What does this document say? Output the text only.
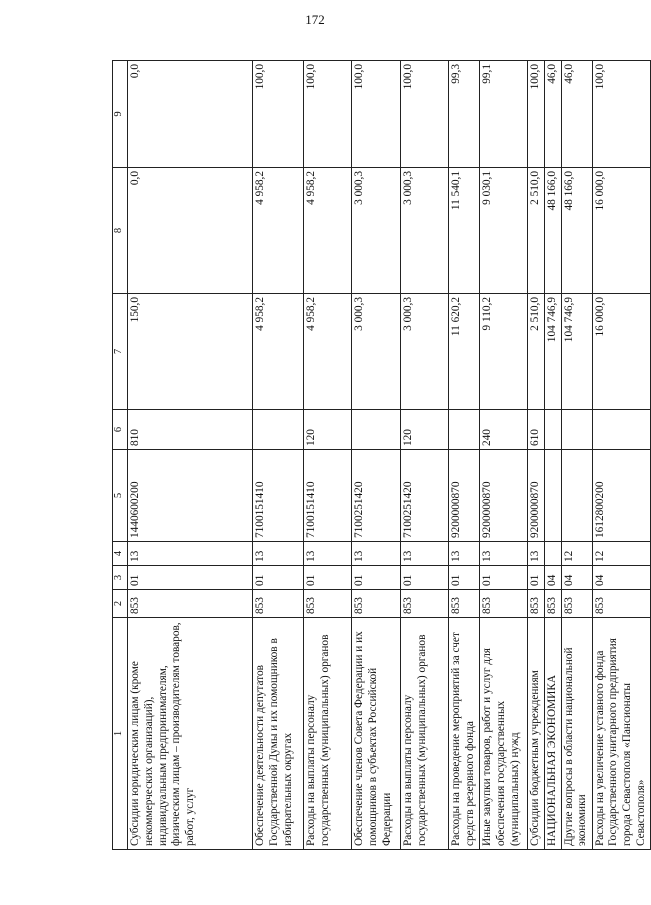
172
1	2	3	4	5	6	7	8	9
Субсидии юридическим лицам (кроме некоммерческих организаций), индивидуальным предпринимателям, физическим лицам – производителям товаров, работ, услуг	853	01	13	1440600200	810	150,0	0,0	0,0
Обеспечение деятельности депутатов Государственной Думы и их помощников в избирательных округах	853	01	13	7100151410		4 958,2	4 958,2	100,0
Расходы на выплаты персоналу государственных (муниципальных) органов	853	01	13	7100151410	120	4 958,2	4 958,2	100,0
Обеспечение членов Совета Федерации и их помощников в субъектах Российской Федерации	853	01	13	7100251420		3 000,3	3 000,3	100,0
Расходы на выплаты персоналу государственных (муниципальных) органов	853	01	13	7100251420	120	3 000,3	3 000,3	100,0
Расходы на проведение мероприятий за счет средств резервного фонда	853	01	13	9200000870		11 620,2	11 540,1	99,3
Иные закупки товаров, работ и услуг для обеспечения государственных (муниципальных) нужд	853	01	13	9200000870	240	9 110,2	9 030,1	99,1
Субсидии бюджетным учреждениям	853	01	13	9200000870	610	2 510,0	2 510,0	100,0
НАЦИОНАЛЬНАЯ ЭКОНОМИКА	853	04				104 746,9	48 166,0	46,0
Другие вопросы в области национальной экономики	853	04	12			104 746,9	48 166,0	46,0
Расходы на увеличение уставного фонда Государственного унитарного предприятия города Севастополя «Пансионаты Севастополя»	853	04	12	1612800200		16 000,0	16 000,0	100,0
